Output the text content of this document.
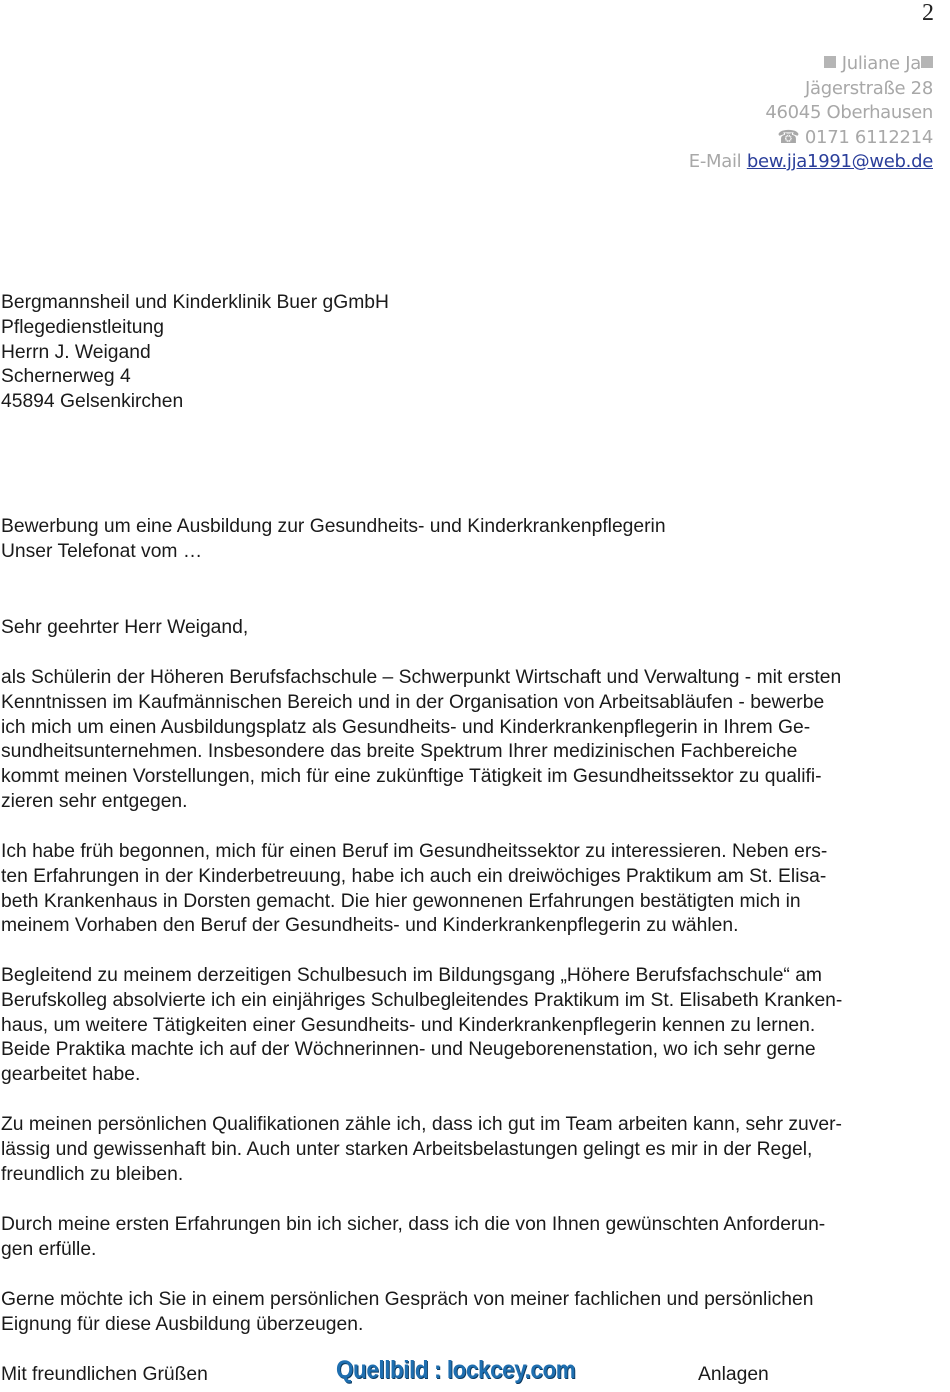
2
Juliane Ja
Jägerstraße 28
46045 Oberhausen
☎ 0171 6112214
E-Mail bew.jja1991@web.de
Bergmannsheil und Kinderklinik Buer gGmbH
Pflegedienstleitung
Herrn J. Weigand
Schernerweg 4
45894 Gelsenkirchen
Bewerbung um eine Ausbildung zur Gesundheits- und Kinderkrankenpflegerin
Unser Telefonat vom …
Sehr geehrter Herr Weigand,
als Schülerin der Höheren Berufsfachschule – Schwerpunkt Wirtschaft und Verwaltung - mit ersten
Kenntnissen im Kaufmännischen Bereich und in der Organisation von Arbeitsabläufen - bewerbe
ich mich um einen Ausbildungsplatz als Gesundheits- und Kinderkrankenpflegerin in Ihrem Ge-
sundheitsunternehmen. Insbesondere das breite Spektrum Ihrer medizinischen Fachbereiche
kommt meinen Vorstellungen, mich für eine zukünftige Tätigkeit im Gesundheitssektor zu qualifi-
zieren sehr entgegen.
Ich habe früh begonnen, mich für einen Beruf im Gesundheitssektor zu interessieren. Neben ers-
ten Erfahrungen in der Kinderbetreuung, habe ich auch ein dreiwöchiges Praktikum am St. Elisa-
beth Krankenhaus in Dorsten gemacht. Die hier gewonnenen Erfahrungen bestätigten mich in
meinem Vorhaben den Beruf der Gesundheits- und Kinderkrankenpflegerin zu wählen.
Begleitend zu meinem derzeitigen Schulbesuch im Bildungsgang „Höhere Berufsfachschule“ am
Berufskolleg absolvierte ich ein einjähriges Schulbegleitendes Praktikum im St. Elisabeth Kranken-
haus, um weitere Tätigkeiten einer Gesundheits- und Kinderkrankenpflegerin kennen zu lernen.
Beide Praktika machte ich auf der Wöchnerinnen- und Neugeborenenstation, wo ich sehr gerne
gearbeitet habe.
Zu meinen persönlichen Qualifikationen zähle ich, dass ich gut im Team arbeiten kann, sehr zuver-
lässig und gewissenhaft bin. Auch unter starken Arbeitsbelastungen gelingt es mir in der Regel,
freundlich zu bleiben.
Durch meine ersten Erfahrungen bin ich sicher, dass ich die von Ihnen gewünschten Anforderun-
gen erfülle.
Gerne möchte ich Sie in einem persönlichen Gespräch von meiner fachlichen und persönlichen
Eignung für diese Ausbildung überzeugen.
Mit freundlichen Grüßen	Quellbild : lockcey.com	Anlagen
